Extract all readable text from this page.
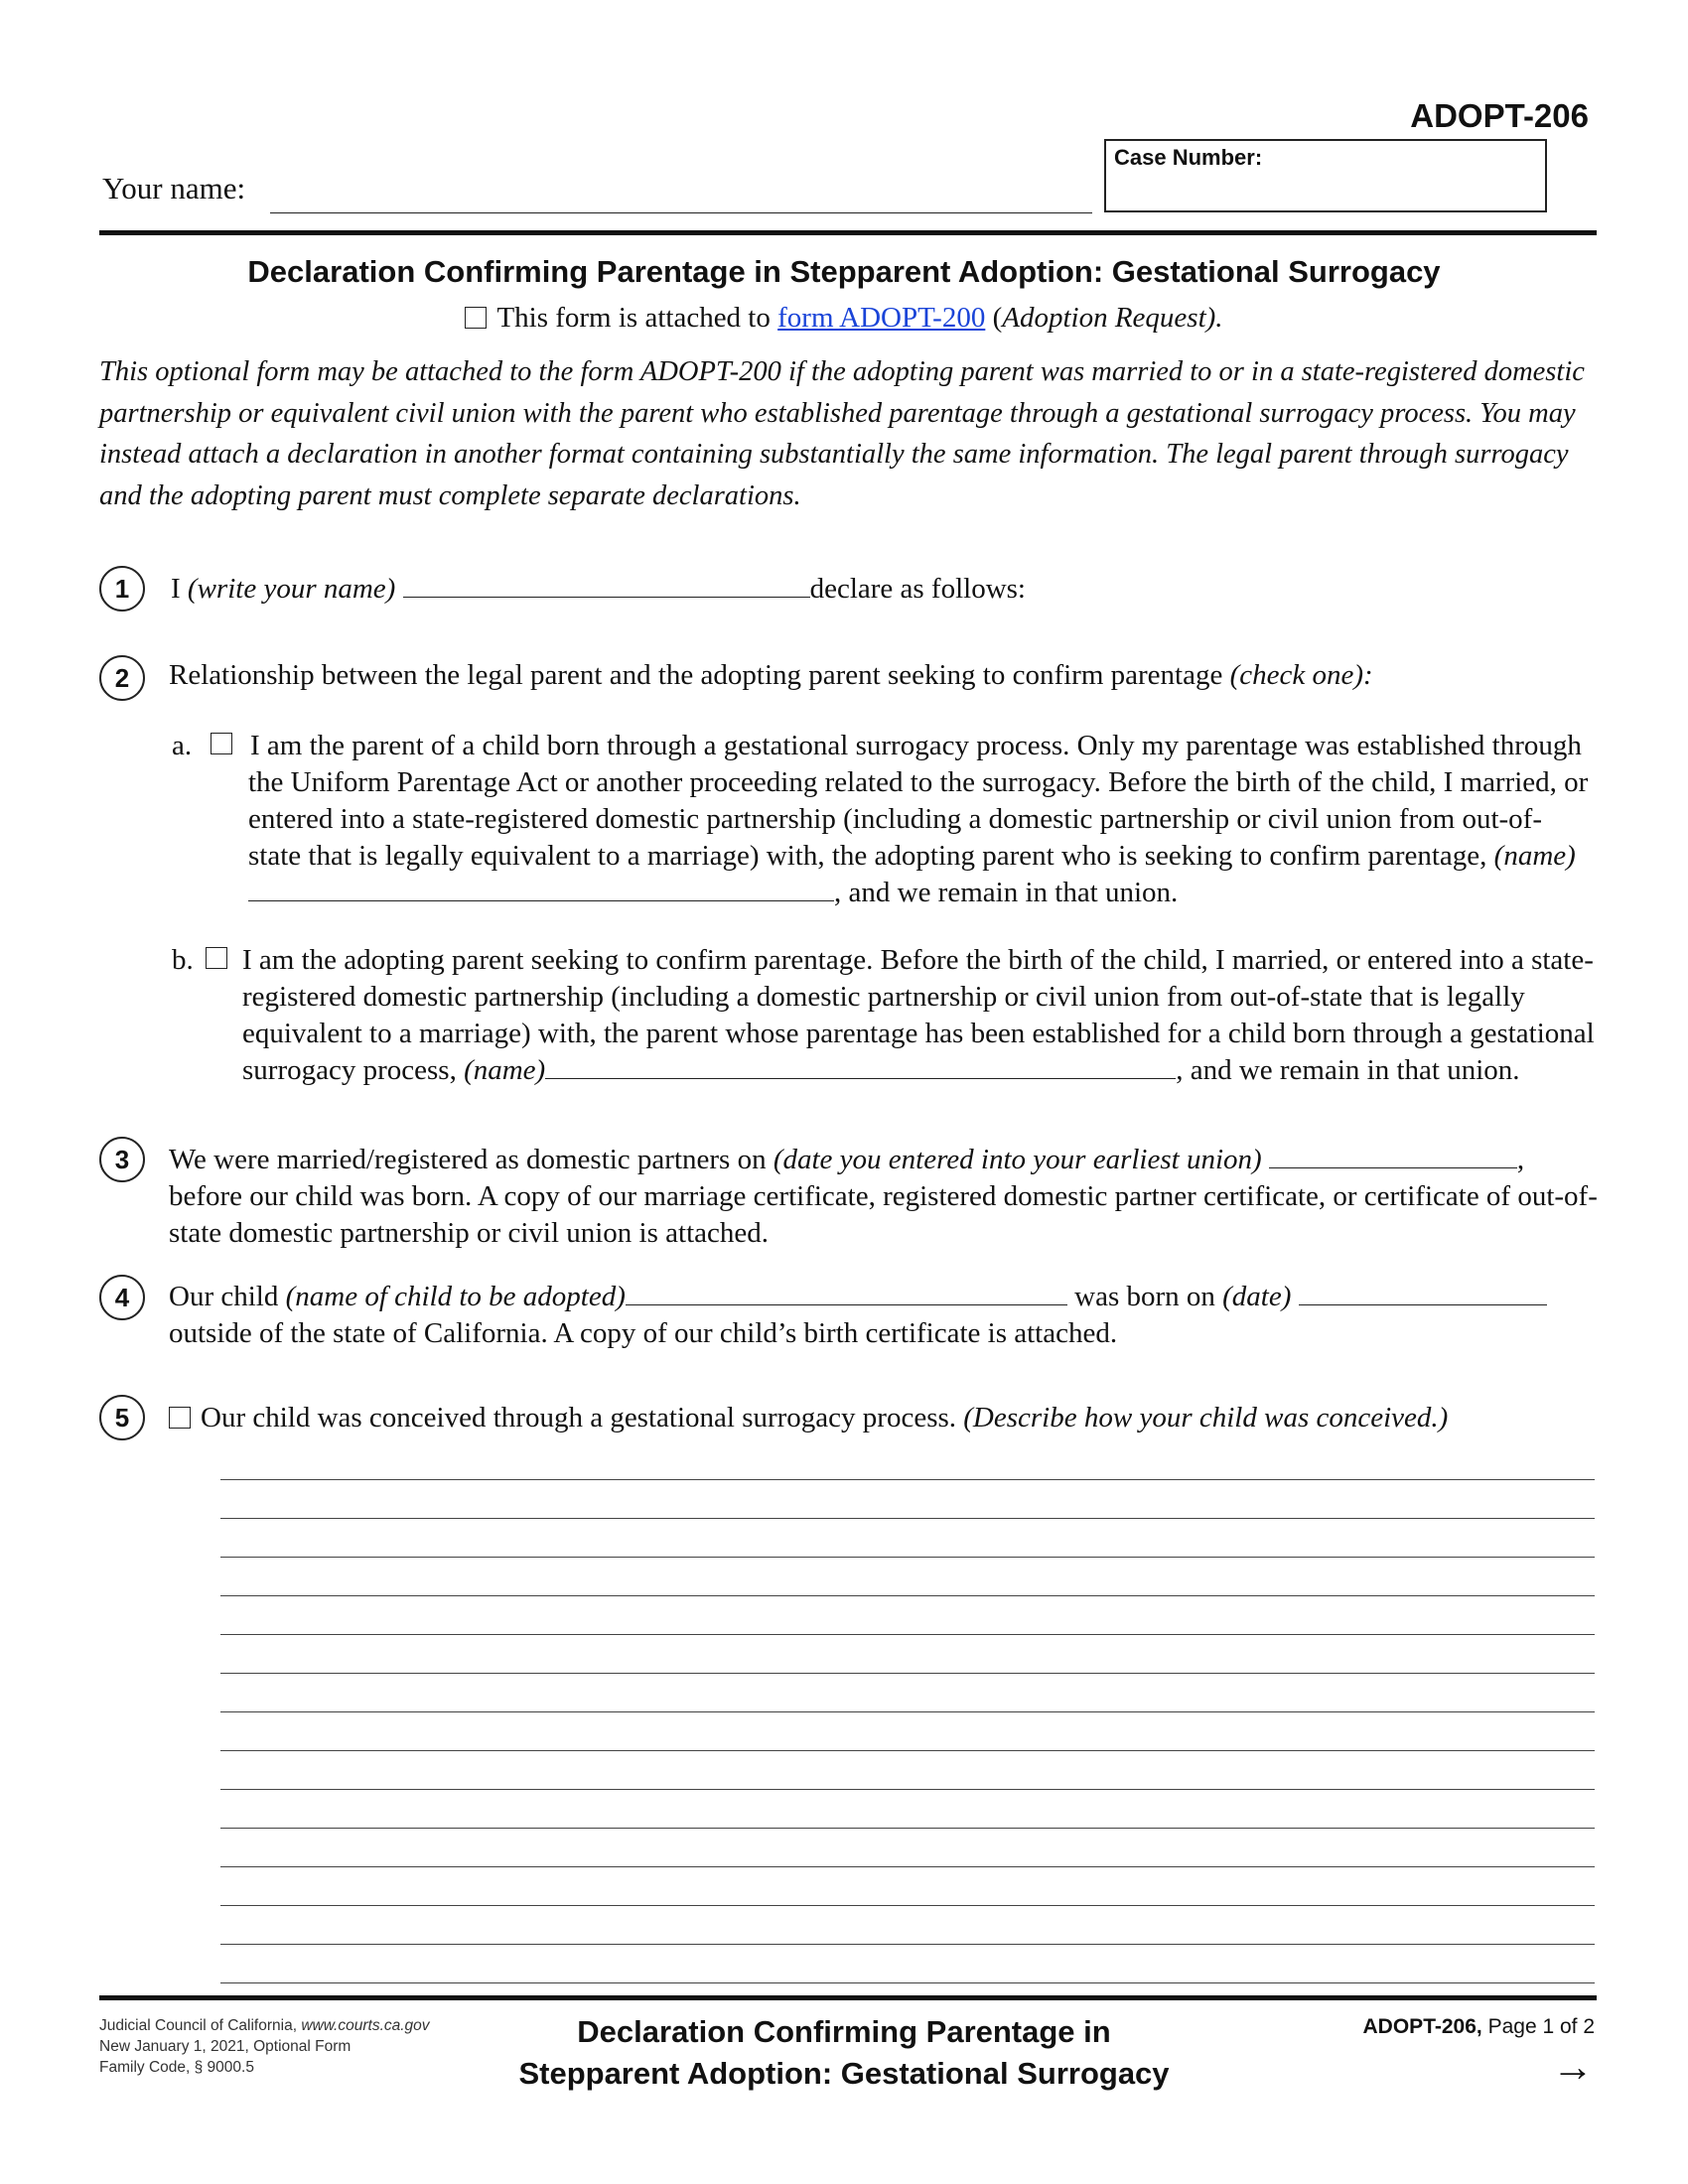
ADOPT-206
Case Number:
Your name:
Declaration Confirming Parentage in Stepparent Adoption: Gestational Surrogacy
This form is attached to form ADOPT-200 (Adoption Request).
This optional form may be attached to the form ADOPT-200 if the adopting parent was married to or in a state-registered domestic partnership or equivalent civil union with the parent who established parentage through a gestational surrogacy process. You may instead attach a declaration in another format containing substantially the same information. The legal parent through surrogacy and the adopting parent must complete separate declarations.
1	I (write your name)	declare as follows:
2	Relationship between the legal parent and the adopting parent seeking to confirm parentage (check one):
a. I am the parent of a child born through a gestational surrogacy process. Only my parentage was established through the Uniform Parentage Act or another proceeding related to the surrogacy. Before the birth of the child, I married, or entered into a state-registered domestic partnership (including a domestic partnership or civil union from out-of-state that is legally equivalent to a marriage) with, the adopting parent who is seeking to confirm parentage, (name), and we remain in that union.
b. I am the adopting parent seeking to confirm parentage. Before the birth of the child, I married, or entered into a state-registered domestic partnership (including a domestic partnership or civil union from out-of-state that is legally equivalent to a marriage) with, the parent whose parentage has been established for a child born through a gestational surrogacy process, (name)	, and we remain in that union.
3	We were married/registered as domestic partners on (date you entered into your earliest union)	, before our child was born. A copy of our marriage certificate, registered domestic partner certificate, or certificate of out-of-state domestic partnership or civil union is attached.
4	Our child (name of child to be adopted)	was born on (date)  outside of the state of California. A copy of our child’s birth certificate is attached.
5	Our child was conceived through a gestational surrogacy process. (Describe how your child was conceived.)
Judicial Council of California, www.courts.ca.gov
New January 1, 2021, Optional Form
Family Code, § 9000.5
Declaration Confirming Parentage in
Stepparent Adoption: Gestational Surrogacy
ADOPT-206, Page 1 of 2
→
